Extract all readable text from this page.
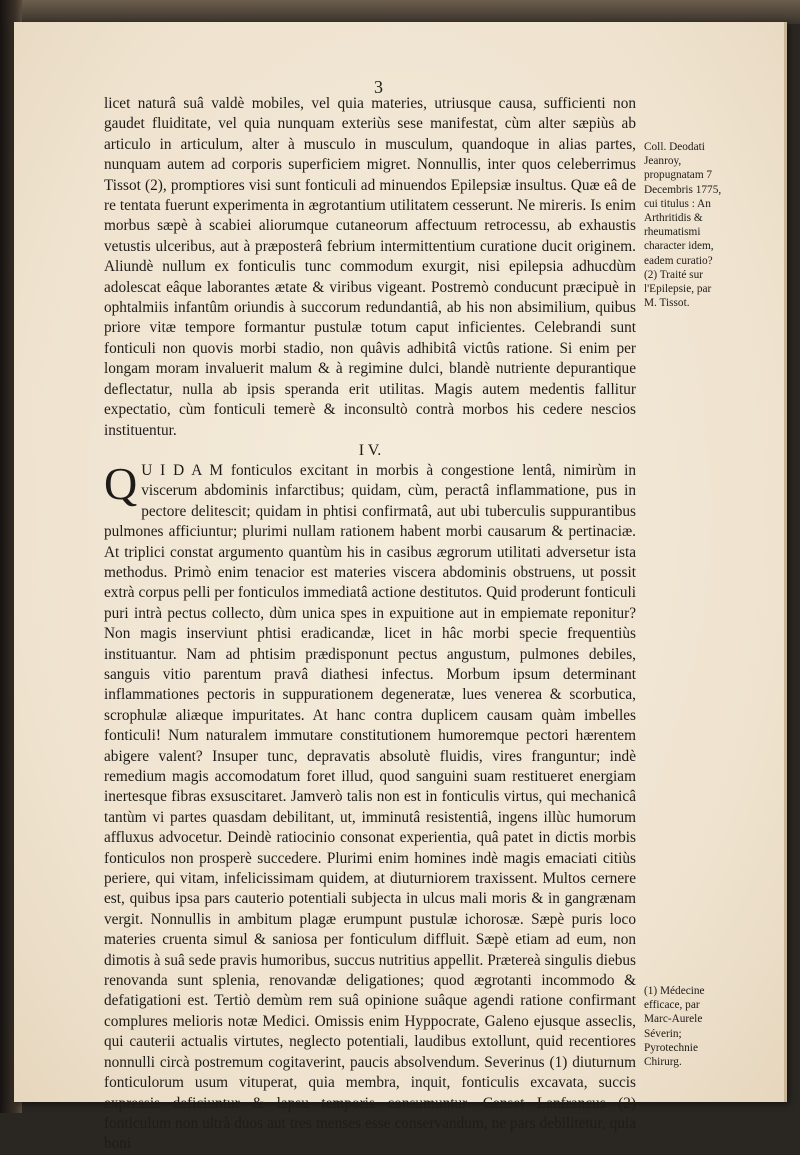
3

licet naturâ suâ valdè mobiles, vel quia materies, utriusque causa, sufficienti non gaudet fluiditate, vel quia nunquam exteriùs sese manifestat, cùm alter sæpiùs ab articulo in articulum, alter à musculo in musculum, quandoque in alias partes, nunquam autem ad corporis superficiem migret. Nonnullis, inter quos celeberrimus Tissot (2), promptiores visi sunt fonticuli ad minuendos Epilepsiæ insultus. Quæ eâ de re tentata fuerunt experimenta in ægrotantium utilitatem cesserunt. Ne mireris. Is enim morbus sæpè à scabiei aliorumque cutaneorum affectuum retrocessu, ab exhaustis vetustis ulceribus, aut à præposterâ febrium intermittentium curatione ducit originem. Aliundè nullum ex fonticulis tunc commodum exurgit, nisi epilepsia adhucdùm adolescat eâque laborantes ætate & viribus vigeant. Postremò conducunt præcipuè in ophtalmiis infantûm oriundis à succorum redundantiâ, ab his non absimilium, quibus priore vitæ tempore formantur pustulæ totum caput inficientes. Celebrandi sunt fonticuli non quovis morbi stadio, non quâvis adhibitâ victûs ratione. Si enim per longam moram invaluerit malum & à regimine dulci, blandè nutriente depurantique deflectatur, nulla ab ipsis speranda erit utilitas. Magis autem medentis fallitur expectatio, cùm fonticuli temerè & inconsultò contrà morbos his cedere nescios instituentur.

I V.

Q U I D A M fonticulos excitant in morbis à congestione lentâ, nimirùm in viscerum abdominis infarctibus; quidam, cùm, peractâ inflammatione, pus in pectore delitescit; quidam in phtisi confirmatâ, aut ubi tuberculis suppurantibus pulmones afficiuntur; plurimi nullam rationem habent morbi causarum & pertinaciæ. At triplici constat argumento quantùm his in casibus ægrorum utilitati adversetur ista methodus. Primò enim tenacior est materies viscera abdominis obstruens, ut possit extrà corpus pelli per fonticulos immediatâ actione destitutos. Quid proderunt fonticuli puri intrà pectus collecto, dùm unica spes in expuitione aut in empiemate reponitur? Non magis inserviunt phtisi eradicandæ, licet in hâc morbi specie frequentiùs instituantur. Nam ad phtisim prædisponunt pectus angustum, pulmones debiles, sanguis vitio parentum pravâ diathesi infectus. Morbum ipsum determinant inflammationes pectoris in suppurationem degeneratæ, lues venerea & scorbutica, scrophulæ aliæque impuritates. At hanc contra duplicem causam quàm imbelles fonticuli! Num naturalem immutare constitutionem humoremque pectori hærentem abigere valent? Insuper tunc, depravatis absolutè fluidis, vires franguntur; indè remedium magis accomodatum foret illud, quod sanguini suam restitueret energiam inertesque fibras exsuscitaret. Jamverò talis non est in fonticulis virtus, qui mechanicâ tantùm vi partes quasdam debilitant, ut, imminutâ resistentiâ, ingens illùc humorum affluxus advocetur. Deindè ratiocinio consonat experientia, quâ patet in dictis morbis fonticulos non prosperè succedere. Plurimi enim homines indè magis emaciati citiùs periere, qui vitam, infelicissimam quidem, at diuturniorem traxissent. Multos cernere est, quibus ipsa pars cauterio potentiali subjecta in ulcus mali moris & in gangrænam vergit. Nonnullis in ambitum plagæ erumpunt pustulæ ichorosæ. Sæpè puris loco materies cruenta simul & saniosa per fonticulum diffluit. Sæpè etiam ad eum, non dimotis à suâ sede pravis humoribus, succus nutritius appellit. Prætereà singulis diebus renovanda sunt splenia, renovandæ deligationes; quod ægrotanti incommodo & defatigationi est. Tertiò demùm rem suâ opinione suâque agendi ratione confirmant complures melioris notæ Medici. Omissis enim Hyppocrate, Galeno ejusque asseclis, qui cauterii actualis virtutes, neglecto potentiali, laudibus extollunt, quid recentiores nonnulli circà postremum cogitaverint, paucis absolvendum. Severinus (1) diuturnum fonticulorum usum vituperat, quia membra, inquit, fonticulis excavata, succis expressis deficiuntur & lapsu temporis consumuntur. Censet Lanfrancus (2) fonticulum non ultrà duos aut tres menses esse conservandum, ne pars debilitetur, quia boni

Coll. Deodati Jeanroy, propugnatam 7 Decembris 1775, cui titulus : An Arthritidis & rheumatismi character idem, eadem curatio?

(2) Traité sur l'Epilepsie, par M. Tissot.

(1) Médecine efficace, par Marc-Aurele Séverin; Pyrotechnie Chirurg.
